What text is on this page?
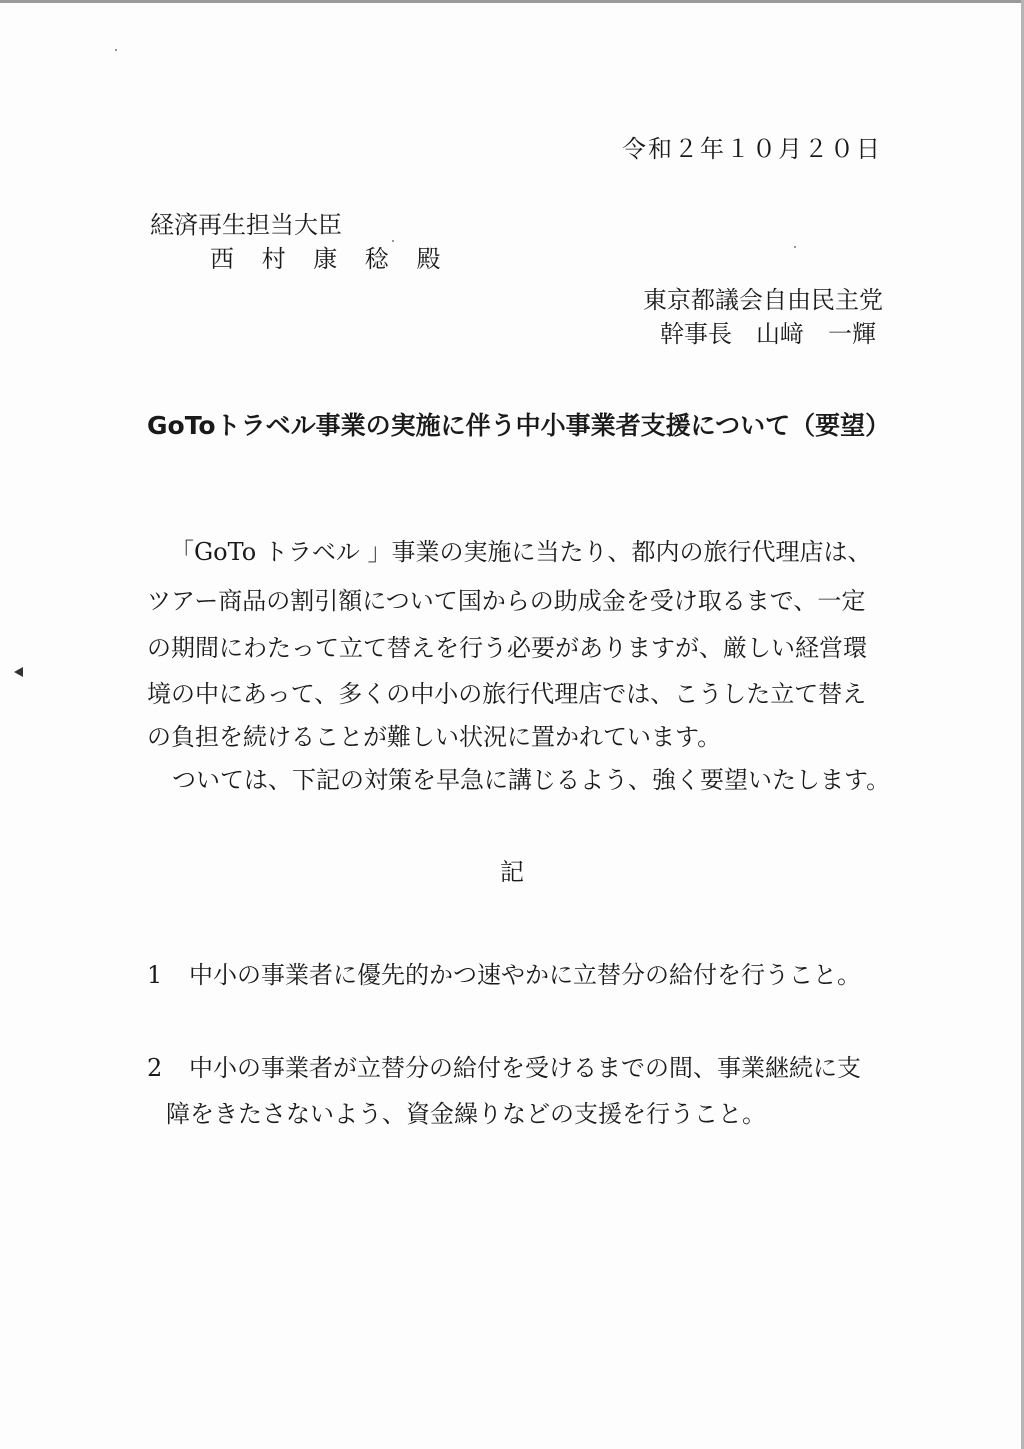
令和２年１０月２０日
経済再生担当大臣
西 村 康 稔 殿
東京都議会自由民主党
幹事長　山﨑　一輝
GoToトラベル事業の実施に伴う中小事業者支援について（要望）
「GoTo トラベル 」事業の実施に当たり、都内の旅行代理店は、
ツアー商品の割引額について国からの助成金を受け取るまで、一定
の期間にわたって立て替えを行う必要がありますが、厳しい経営環
境の中にあって、多くの中小の旅行代理店では、こうした立て替え
の負担を続けることが難しい状況に置かれています。
ついては、下記の対策を早急に講じるよう、強く要望いたします。
記
1 中小の事業者に優先的かつ速やかに立替分の給付を行うこと。
2 中小の事業者が立替分の給付を受けるまでの間、事業継続に支
障をきたさないよう、資金繰りなどの支援を行うこと。
